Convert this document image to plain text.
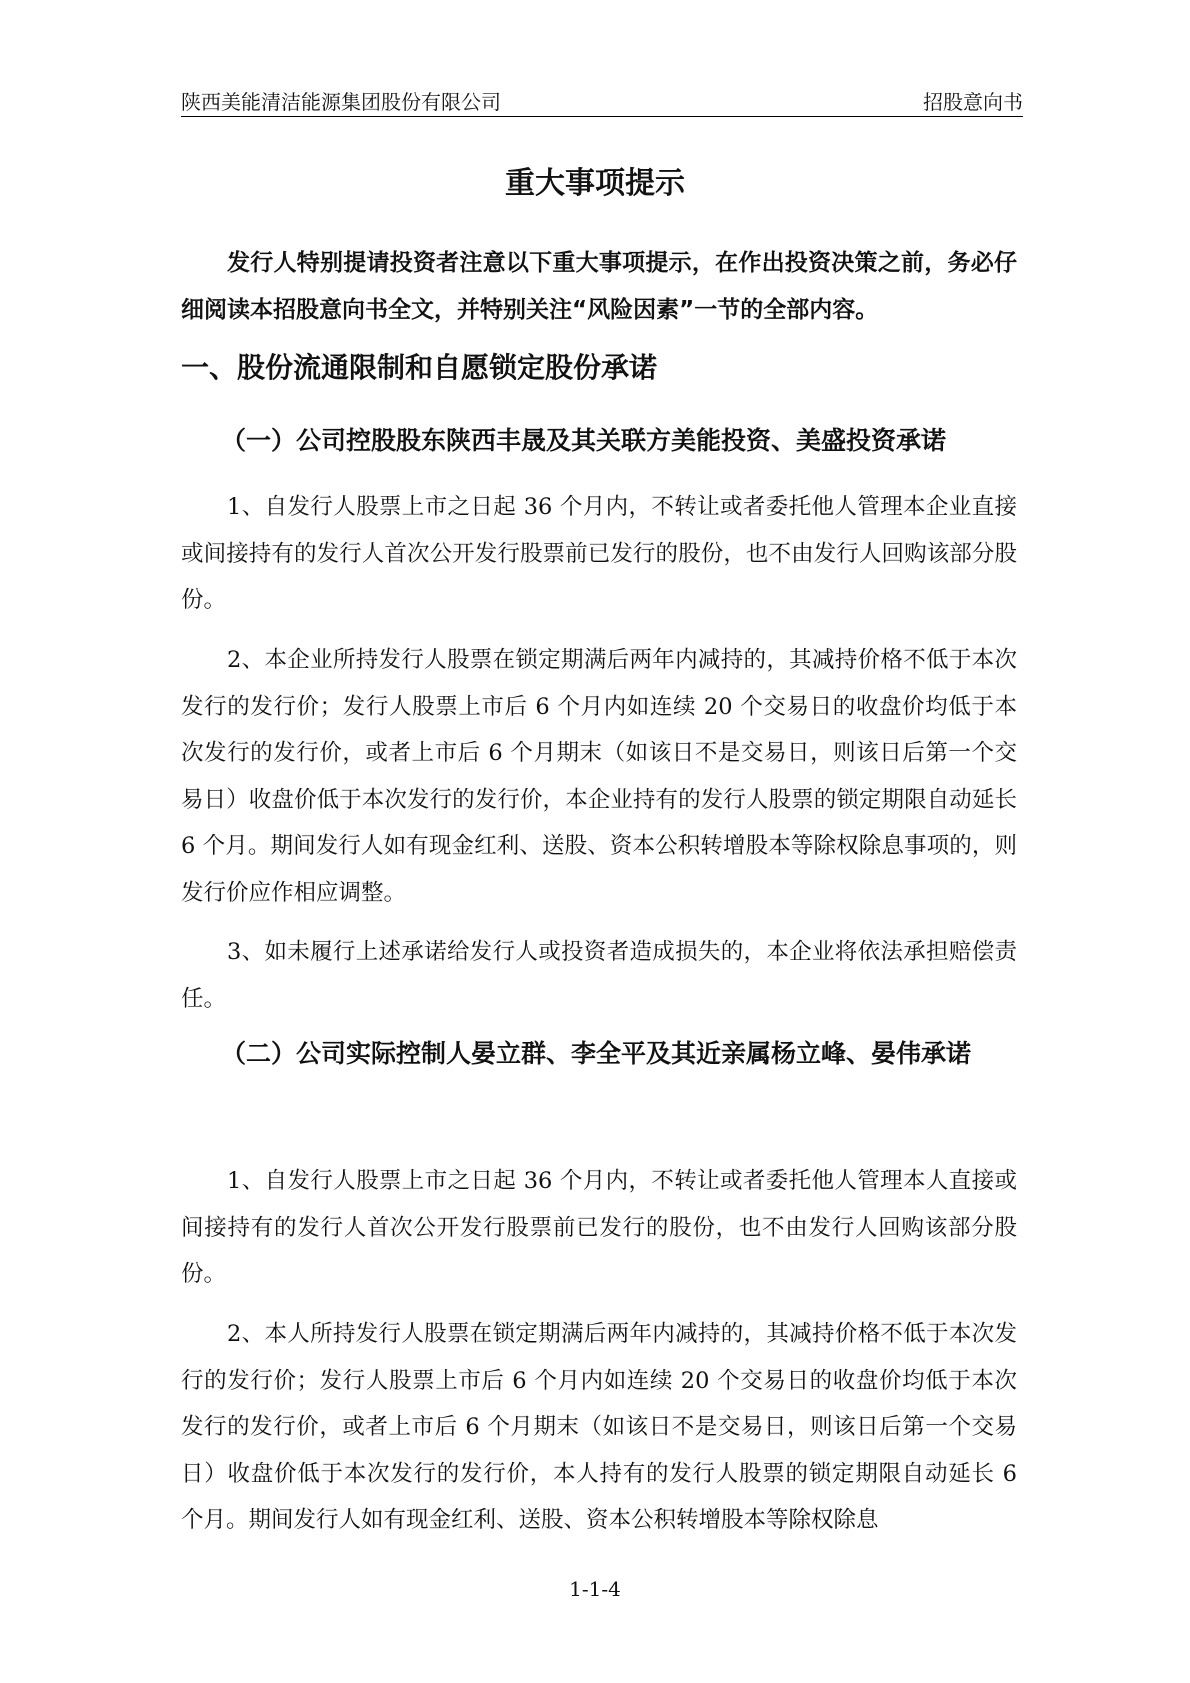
陕西美能清洁能源集团股份有限公司	招股意向书
重大事项提示

发行人特别提请投资者注意以下重大事项提示，在作出投资决策之前，务必仔细阅读本招股意向书全文，并特别关注“风险因素”一节的全部内容。

一、股份流通限制和自愿锁定股份承诺
（一）公司控股股东陕西丰晟及其关联方美能投资、美盛投资承诺

1、自发行人股票上市之日起 36 个月内，不转让或者委托他人管理本企业直接或间接持有的发行人首次公开发行股票前已发行的股份，也不由发行人回购该部分股份。

2、本企业所持发行人股票在锁定期满后两年内减持的，其减持价格不低于本次发行的发行价；发行人股票上市后 6 个月内如连续 20 个交易日的收盘价均低于本次发行的发行价，或者上市后 6 个月期末（如该日不是交易日，则该日后第一个交易日）收盘价低于本次发行的发行价，本企业持有的发行人股票的锁定期限自动延长 6 个月。期间发行人如有现金红利、送股、资本公积转增股本等除权除息事项的，则发行价应作相应调整。

3、如未履行上述承诺给发行人或投资者造成损失的，本企业将依法承担赔偿责任。

（二）公司实际控制人晏立群、李全平及其近亲属杨立峰、晏伟承诺

1、自发行人股票上市之日起 36 个月内，不转让或者委托他人管理本人直接或间接持有的发行人首次公开发行股票前已发行的股份，也不由发行人回购该部分股份。

2、本人所持发行人股票在锁定期满后两年内减持的，其减持价格不低于本次发行的发行价；发行人股票上市后 6 个月内如连续 20 个交易日的收盘价均低于本次发行的发行价，或者上市后 6 个月期末（如该日不是交易日，则该日后第一个交易日）收盘价低于本次发行的发行价，本人持有的发行人股票的锁定期限自动延长 6 个月。期间发行人如有现金红利、送股、资本公积转增股本等除权除息

1-1-4
